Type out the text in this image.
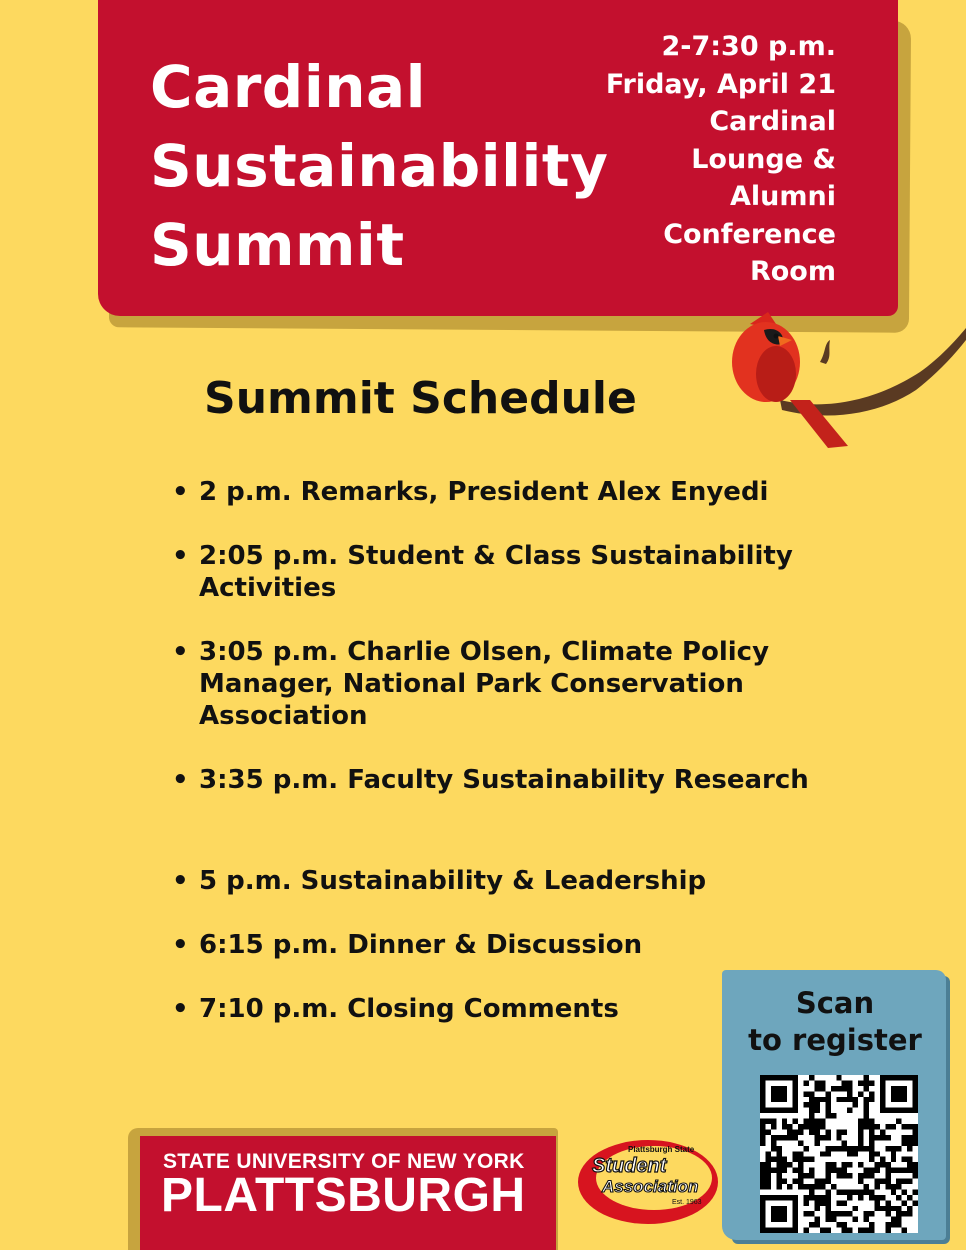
Cardinal
Sustainability
Summit
2-7:30 p.m.
Friday, April 21
Cardinal
Lounge &
Alumni
Conference
Room
Summit Schedule
• 2 p.m. Remarks, President Alex Enyedi
• 2:05 p.m. Student & Class Sustainability Activities
• 3:05 p.m. Charlie Olsen, Climate Policy Manager, National Park Conservation Association
• 3:35 p.m. Faculty Sustainability Research
• 5 p.m. Sustainability & Leadership
• 6:15 p.m. Dinner & Discussion
• 7:10 p.m. Closing Comments	Scan
to register
STATE UNIVERSITY OF NEW YORK
PLATTSBURGH
Plattsburgh State
Student
Association
Est. 1963
